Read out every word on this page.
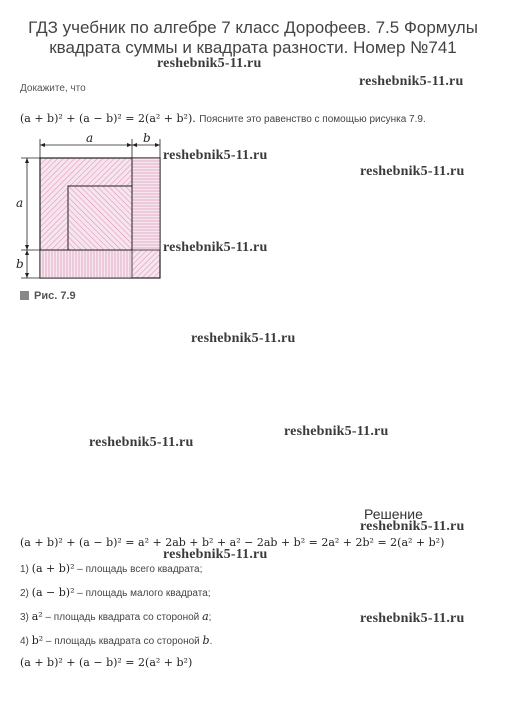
ГДЗ учебник по алгебре 7 класс Дорофеев. 7.5 Формулы квадрата суммы и квадрата разности. Номер №741
reshebnik5-11.ru
reshebnik5-11.ru
reshebnik5-11.ru
reshebnik5-11.ru
reshebnik5-11.ru
reshebnik5-11.ru
reshebnik5-11.ru
reshebnik5-11.ru
reshebnik5-11.ru
reshebnik5-11.ru
reshebnik5-11.ru
Докажите, что
(a + b)² + (a − b)² = 2(a² + b²). Поясните это равенство с помощью рисунка 7.9.
a	b
a
b
Рис. 7.9
Решение
(a + b)² + (a − b)² = a² + 2ab + b² + a² − 2ab + b² = 2a² + 2b² = 2(a² + b²)
1) (a + b)² – площадь всего квадрата;
2) (a − b)² – площадь малого квадрата;
3) a² – площадь квадрата со стороной a;
4) b² – площадь квадрата со стороной b.
(a + b)² + (a − b)² = 2(a² + b²)
